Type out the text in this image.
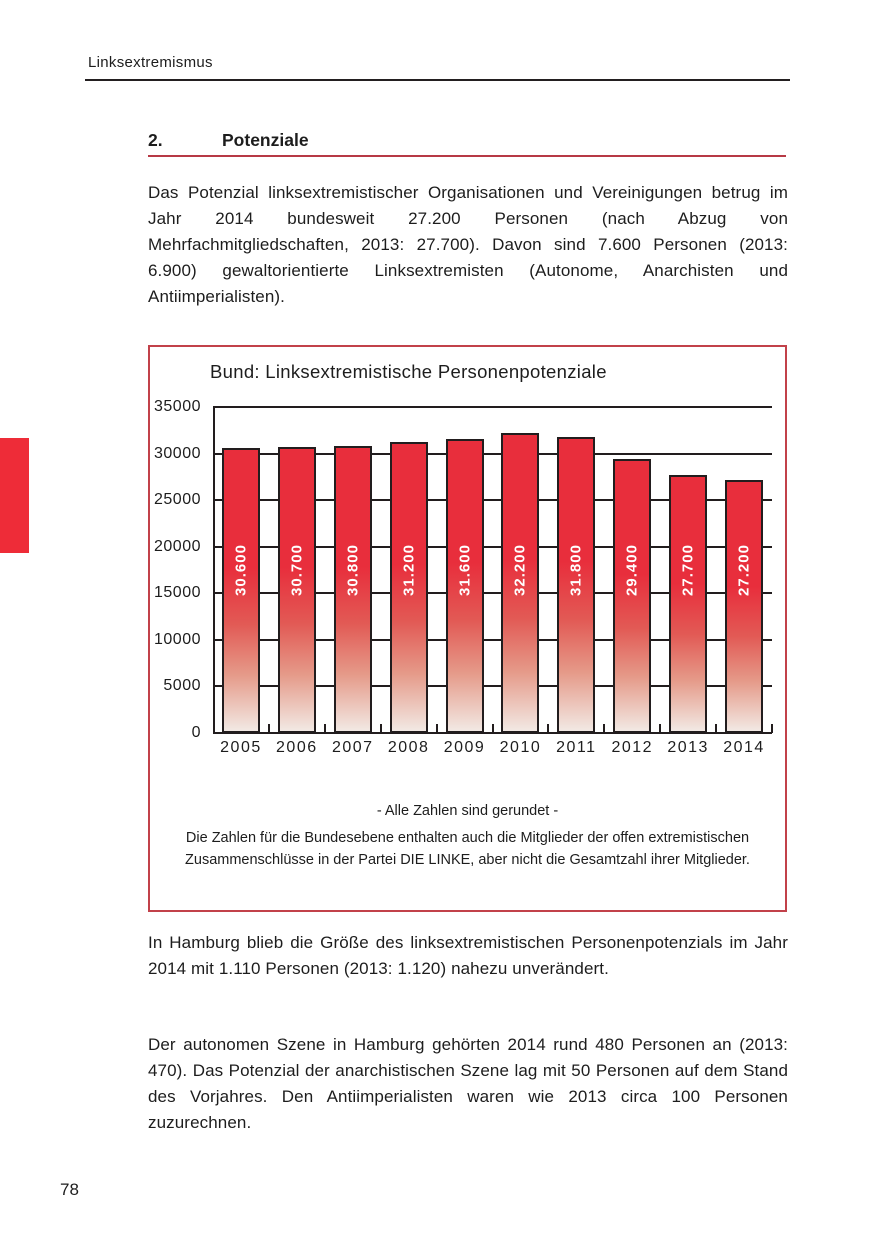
Linksextremismus
2.	Potenziale

Das Potenzial linksextremistischer Organisationen und Vereinigungen betrug im Jahr 2014 bundesweit 27.200 Personen (nach Abzug von Mehrfachmitgliedschaften, 2013: 27.700). Davon sind 7.600 Personen (2013: 6.900) gewaltorientierte Linksextremisten (Autonome, Anarchisten und Antiimperialisten).

Bund: Linksextremistische Personenpotenziale
0
5000
10000
15000
20000
25000
30000
35000
30.600
2005
30.700
2006
30.800
2007
31.200
2008
31.600
2009
32.200
2010
31.800
2011
29.400
2012
27.700
2013
27.200
2014
- Alle Zahlen sind gerundet -
Die Zahlen für die Bundesebene enthalten auch die Mitglieder der offen extremistischen Zusammenschlüsse in der Partei DIE LINKE, aber nicht die Gesamtzahl ihrer Mitglieder.

In Hamburg blieb die Größe des linksextremistischen Personenpotenzials im Jahr 2014 mit 1.110 Personen (2013: 1.120) nahezu unverändert.

Der autonomen Szene in Hamburg gehörten 2014 rund 480 Personen an (2013: 470). Das Potenzial der anarchistischen Szene lag mit 50 Personen auf dem Stand des Vorjahres. Den Antiimperialisten waren wie 2013 circa 100 Personen zuzurechnen.

78
